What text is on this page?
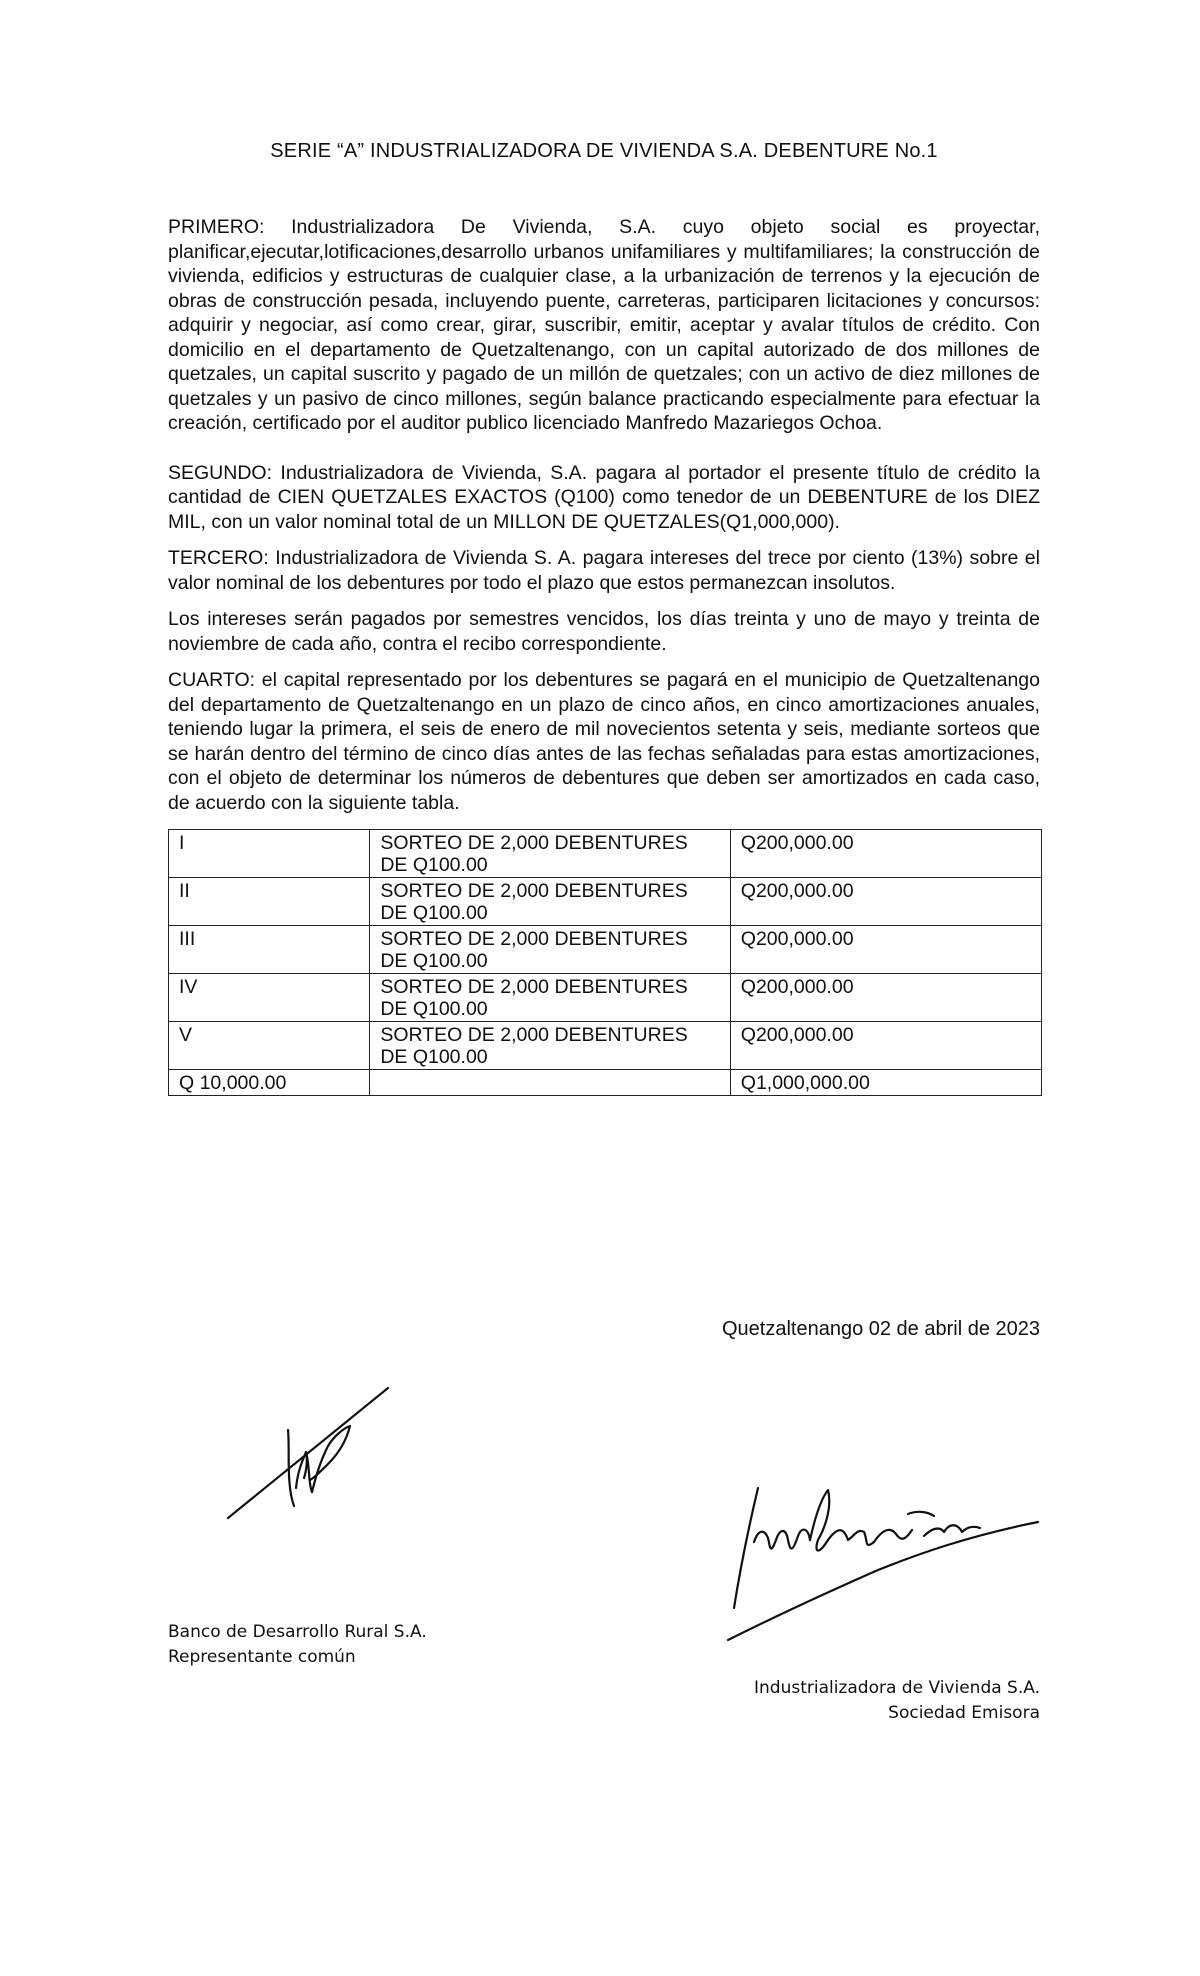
SERIE “A” INDUSTRIALIZADORA DE VIVIENDA S.A. DEBENTURE No.1

PRIMERO: Industrializadora De Vivienda, S.A. cuyo objeto social es proyectar, planificar,ejecutar,lotificaciones,desarrollo urbanos unifamiliares y multifamiliares; la construcción de vivienda, edificios y estructuras de cualquier clase, a la urbanización de terrenos y la ejecución de obras de construcción pesada, incluyendo puente, carreteras, participaren licitaciones y concursos: adquirir y negociar, así como crear, girar, suscribir, emitir, aceptar y avalar títulos de crédito. Con domicilio en el departamento de Quetzaltenango, con un capital autorizado de dos millones de quetzales, un capital suscrito y pagado de un millón de quetzales; con un activo de diez millones de quetzales y un pasivo de cinco millones, según balance practicando especialmente para efectuar la creación, certificado por el auditor publico licenciado Manfredo Mazariegos Ochoa.

SEGUNDO: Industrializadora de Vivienda, S.A. pagara al portador el presente título de crédito la cantidad de CIEN QUETZALES EXACTOS (Q100) como tenedor de un DEBENTURE de los DIEZ MIL, con un valor nominal total de un MILLON DE QUETZALES(Q1,000,000).

TERCERO: Industrializadora de Vivienda S. A. pagara intereses del trece por ciento (13%) sobre el valor nominal de los debentures por todo el plazo que estos permanezcan insolutos.

Los intereses serán pagados por semestres vencidos, los días treinta y uno de mayo y treinta de noviembre de cada año, contra el recibo correspondiente.

CUARTO: el capital representado por los debentures se pagará en el municipio de Quetzaltenango del departamento de Quetzaltenango en un plazo de cinco años, en cinco amortizaciones anuales, teniendo lugar la primera, el seis de enero de mil novecientos setenta y seis, mediante sorteos que se harán dentro del término de cinco días antes de las fechas señaladas para estas amortizaciones, con el objeto de determinar los números de debentures que deben ser amortizados en cada caso, de acuerdo con la siguiente tabla.

I	SORTEO DE 2,000 DEBENTURES DE Q100.00	Q200,000.00
II	SORTEO DE 2,000 DEBENTURES DE Q100.00	Q200,000.00
III	SORTEO DE 2,000 DEBENTURES DE Q100.00	Q200,000.00
IV	SORTEO DE 2,000 DEBENTURES DE Q100.00	Q200,000.00
V	SORTEO DE 2,000 DEBENTURES DE Q100.00	Q200,000.00
Q 10,000.00		Q1,000,000.00
Quetzaltenango 02 de abril de 2023
Banco de Desarrollo Rural S.A.
Representante común
Industrializadora de Vivienda S.A.
Sociedad Emisora
